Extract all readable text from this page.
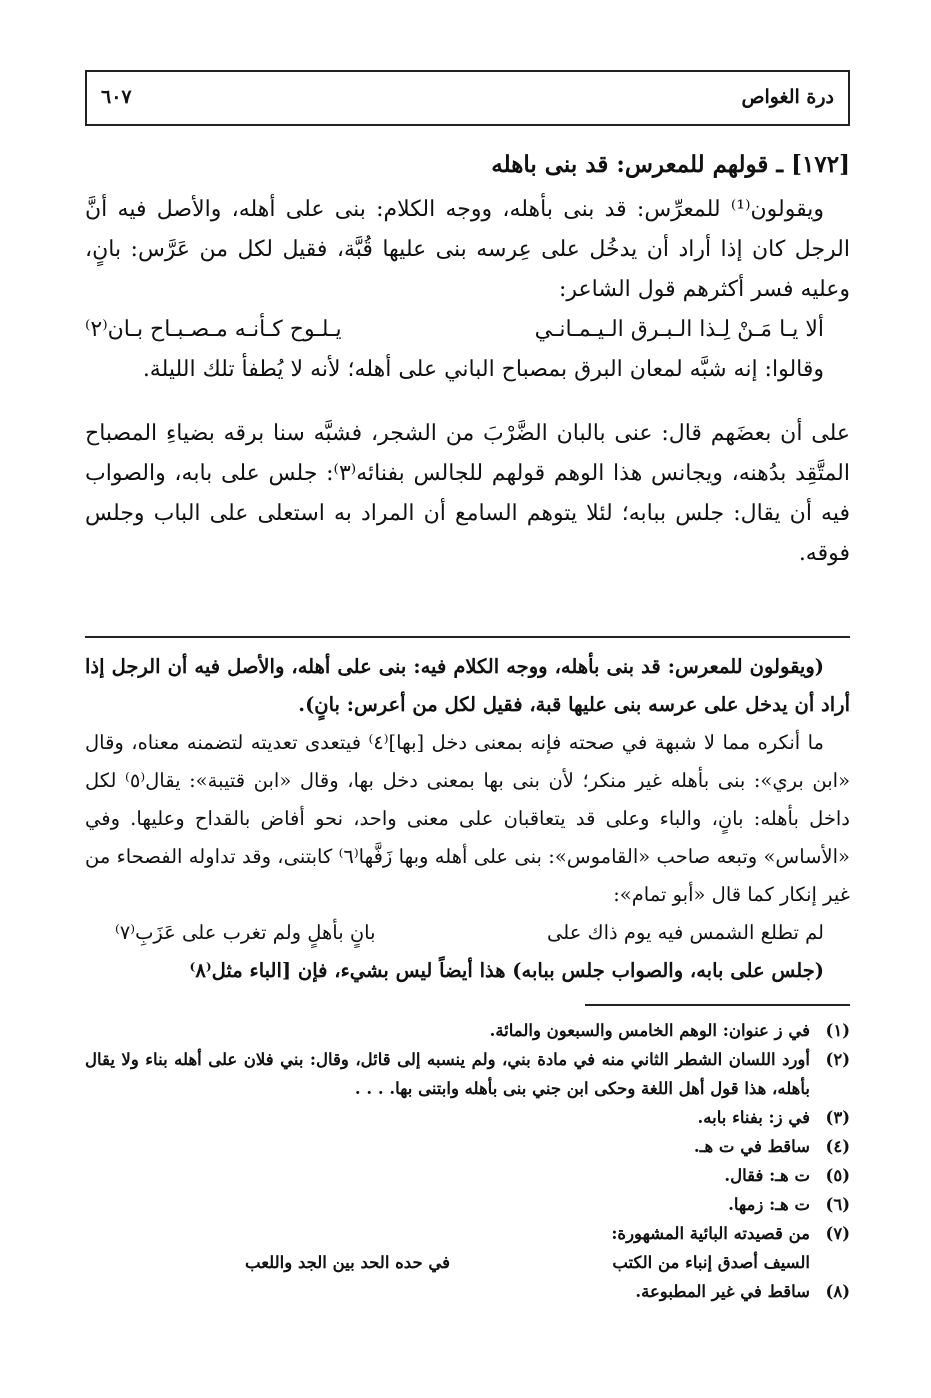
درة الغواص
٦٠٧
[١٧٢] ـ قولهم للمعرس: قد بنى باهله

ويقولون⁽¹⁾ للمعرِّس: قد بنى بأهله، ووجه الكلام: بنى على أهله، والأصل فيه أنَّ الرجل كان إذا أراد أن يدخُل على عِرسه بنى عليها قُبَّة، فقيل لكل من عَرَّس: بانٍ، وعليه فسر أكثرهم قول الشاعر:

ألا يـا مَـنْ لِـذا الـبـرق الـيـمـانـي
يـلـوح كـأنـه مـصـبـاح بـان⁽٢⁾

وقالوا: إنه شبَّه لمعان البرق بمصباح الباني على أهله؛ لأنه لا يُطفأ تلك الليلة.

على أن بعضَهم قال: عنى بالبان الضَّرْبَ من الشجر، فشبَّه سنا برقه بضياءِ المصباح المتَّقِد بدُهنه، ويجانس هذا الوهم قولهم للجالس بفنائه⁽٣⁾: جلس على بابه، والصواب فيه أن يقال: جلس ببابه؛ لئلا يتوهم السامع أن المراد به استعلى على الباب وجلس فوقه.

(ويقولون للمعرس: قد بنى بأهله، ووجه الكلام فيه: بنى على أهله، والأصل فيه أن الرجل إذا أراد أن يدخل على عرسه بنى عليها قبة، فقيل لكل من أعرس: بانٍ).

ما أنكره مما لا شبهة في صحته فإنه بمعنى دخل [بها]⁽٤⁾ فيتعدى تعديته لتضمنه معناه، وقال «ابن بري»: بنى بأهله غير منكر؛ لأن بنى بها بمعنى دخل بها، وقال «ابن قتيبة»: يقال⁽٥⁾ لكل داخل بأهله: بانٍ، والباء وعلى قد يتعاقبان على معنى واحد، نحو أفاض بالقداح وعليها. وفي «الأساس» وتبعه صاحب «القاموس»: بنى على أهله وبها زَفَّها⁽٦⁾ كابتنى، وقد تداوله الفصحاء من غير إنكار كما قال «أبو تمام»:

لم تطلع الشمس فيه يوم ذاك على
بانٍ بأهلٍ ولم تغرب على عَزَبِ⁽٧⁾

(جلس على بابه، والصواب جلس ببابه) هذا أيضاً ليس بشيء، فإن [الباء مثل⁽٨⁾

(١)
في ز عنوان: الوهم الخامس والسبعون والمائة.
(٢)
أورد اللسان الشطر الثاني منه في مادة بني، ولم ينسبه إلى قائل، وقال: بني فلان على أهله بناء ولا يقال بأهله، هذا قول أهل اللغة وحكى ابن جني بنى بأهله وابتنى بها. . . .
(٣)
في ز: بفناء بابه.
(٤)
ساقط في ت هـ.
(٥)
ت هـ: فقال.
(٦)
ت هـ: زمها.
(٧)
من قصيدته البائية المشهورة:
السيف أصدق إنباء من الكتب
في حده الحد بين الجد واللعب
(٨)
ساقط في غير المطبوعة.
